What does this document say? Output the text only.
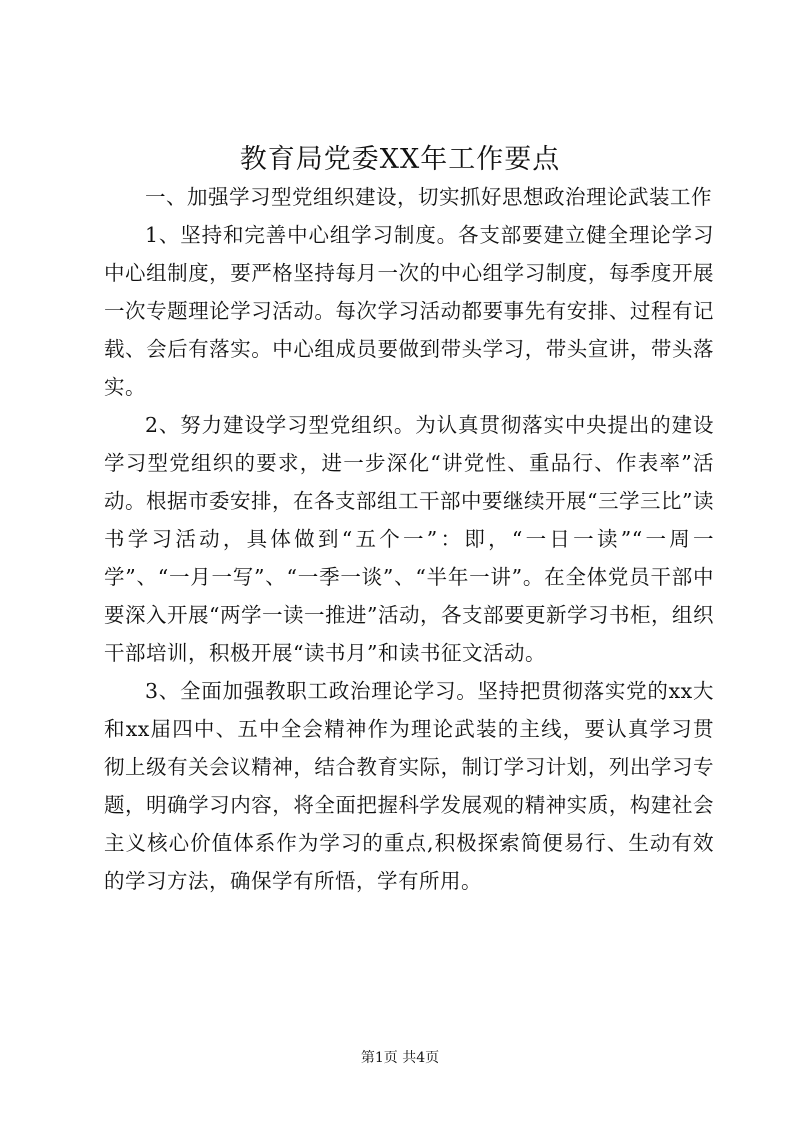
教育局党委XX年工作要点

一、加强学习型党组织建设，切实抓好思想政治理论武装工作

1、坚持和完善中心组学习制度。各支部要建立健全理论学习中心组制度，要严格坚持每月一次的中心组学习制度，每季度开展一次专题理论学习活动。每次学习活动都要事先有安排、过程有记载、会后有落实。中心组成员要做到带头学习，带头宣讲，带头落实。

2、努力建设学习型党组织。为认真贯彻落实中央提出的建设学习型党组织的要求，进一步深化“讲党性、重品行、作表率”活动。根据市委安排，在各支部组工干部中要继续开展“三学三比”读书学习活动，具体做到“五个一”：即，“一日一读”“一周一学”、“一月一写”、“一季一谈”、“半年一讲”。在全体党员干部中要深入开展“两学一读一推进”活动，各支部要更新学习书柜，组织干部培训，积极开展“读书月”和读书征文活动。

3、全面加强教职工政治理论学习。坚持把贯彻落实党的xx大和xx届四中、五中全会精神作为理论武装的主线，要认真学习贯彻上级有关会议精神，结合教育实际，制订学习计划，列出学习专题，明确学习内容，将全面把握科学发展观的精神实质，构建社会主义核心价值体系作为学习的重点,积极探索简便易行、生动有效的学习方法，确保学有所悟，学有所用。

第1页 共4页
